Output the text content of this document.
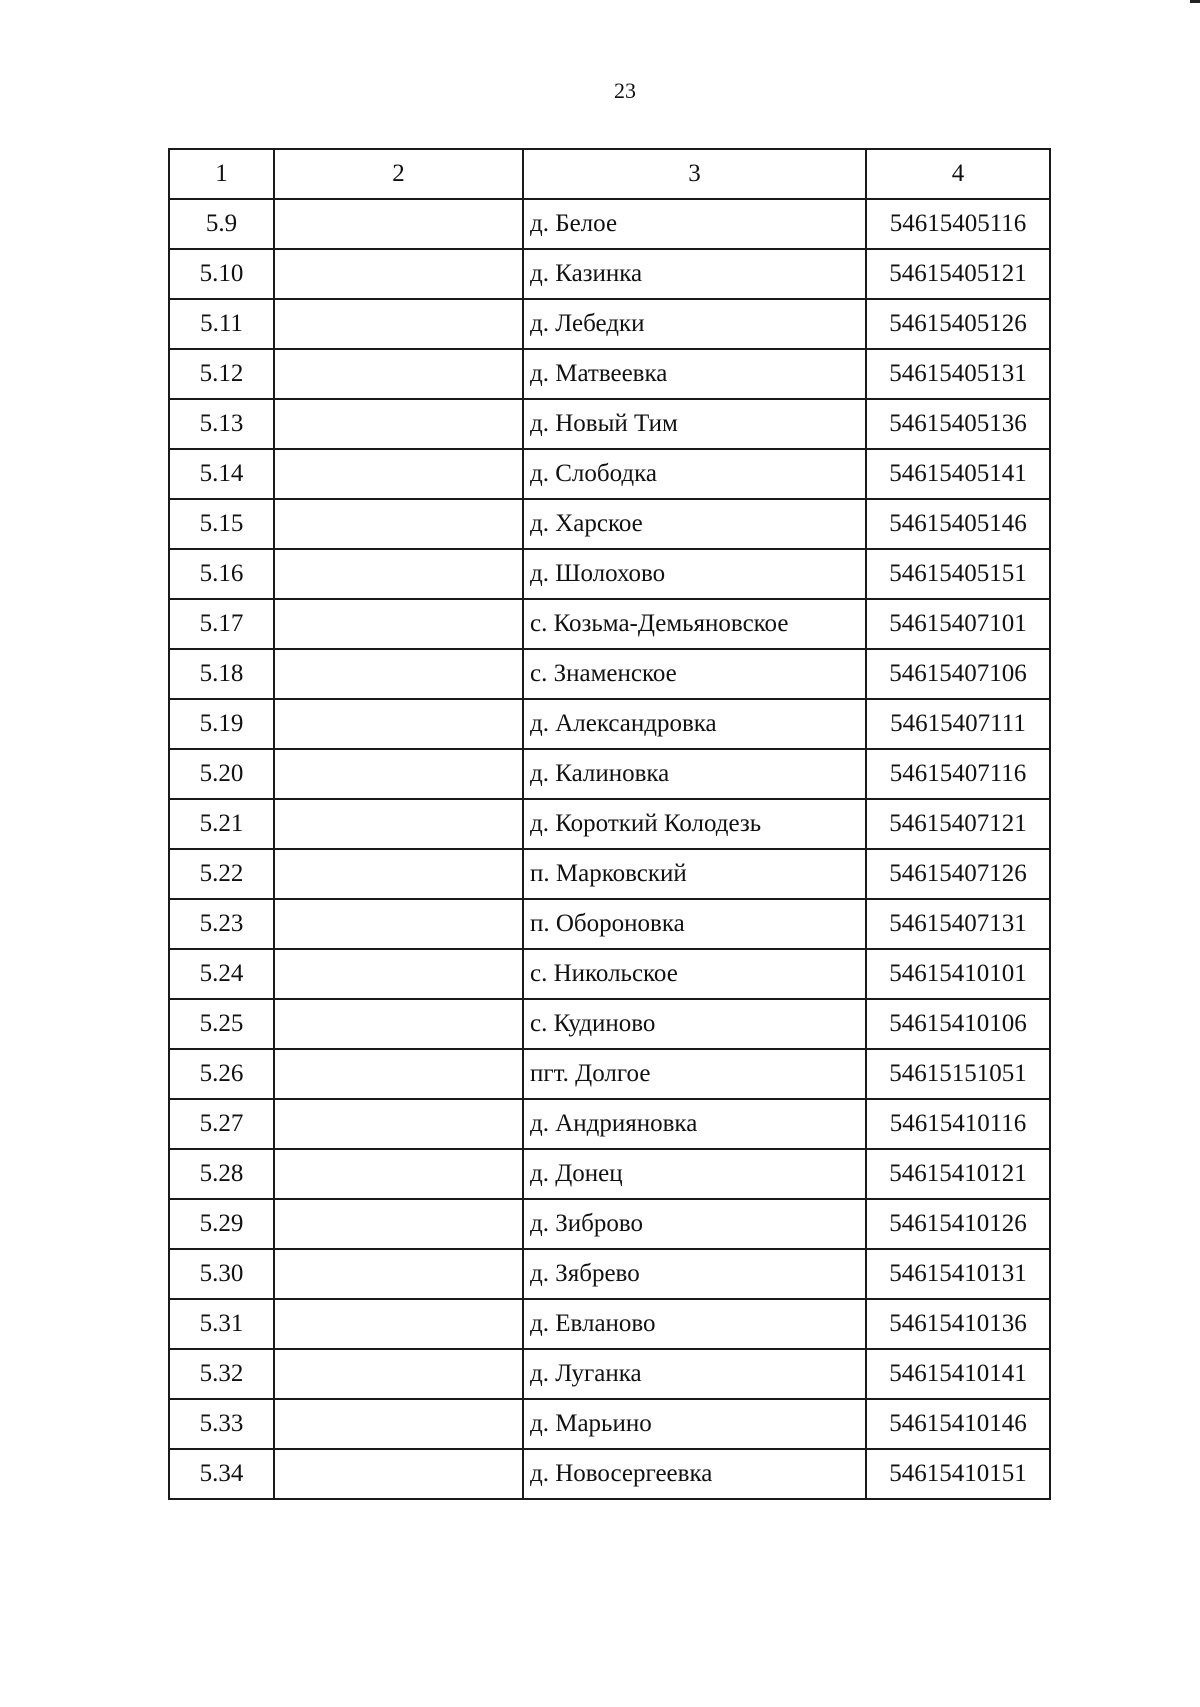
23
1	2	3	4
5.9		д. Белое	54615405116
5.10		д. Казинка	54615405121
5.11		д. Лебедки	54615405126
5.12		д. Матвеевка	54615405131
5.13		д. Новый Тим	54615405136
5.14		д. Слободка	54615405141
5.15		д. Харское	54615405146
5.16		д. Шолохово	54615405151
5.17		с. Козьма-Демьяновское	54615407101
5.18		с. Знаменское	54615407106
5.19		д. Александровка	54615407111
5.20		д. Калиновка	54615407116
5.21		д. Короткий Колодезь	54615407121
5.22		п. Марковский	54615407126
5.23		п. Обороновка	54615407131
5.24		с. Никольское	54615410101
5.25		с. Кудиново	54615410106
5.26		пгт. Долгое	54615151051
5.27		д. Андрияновка	54615410116
5.28		д. Донец	54615410121
5.29		д. Зиброво	54615410126
5.30		д. Зябрево	54615410131
5.31		д. Евланово	54615410136
5.32		д. Луганка	54615410141
5.33		д. Марьино	54615410146
5.34		д. Новосергеевка	54615410151
